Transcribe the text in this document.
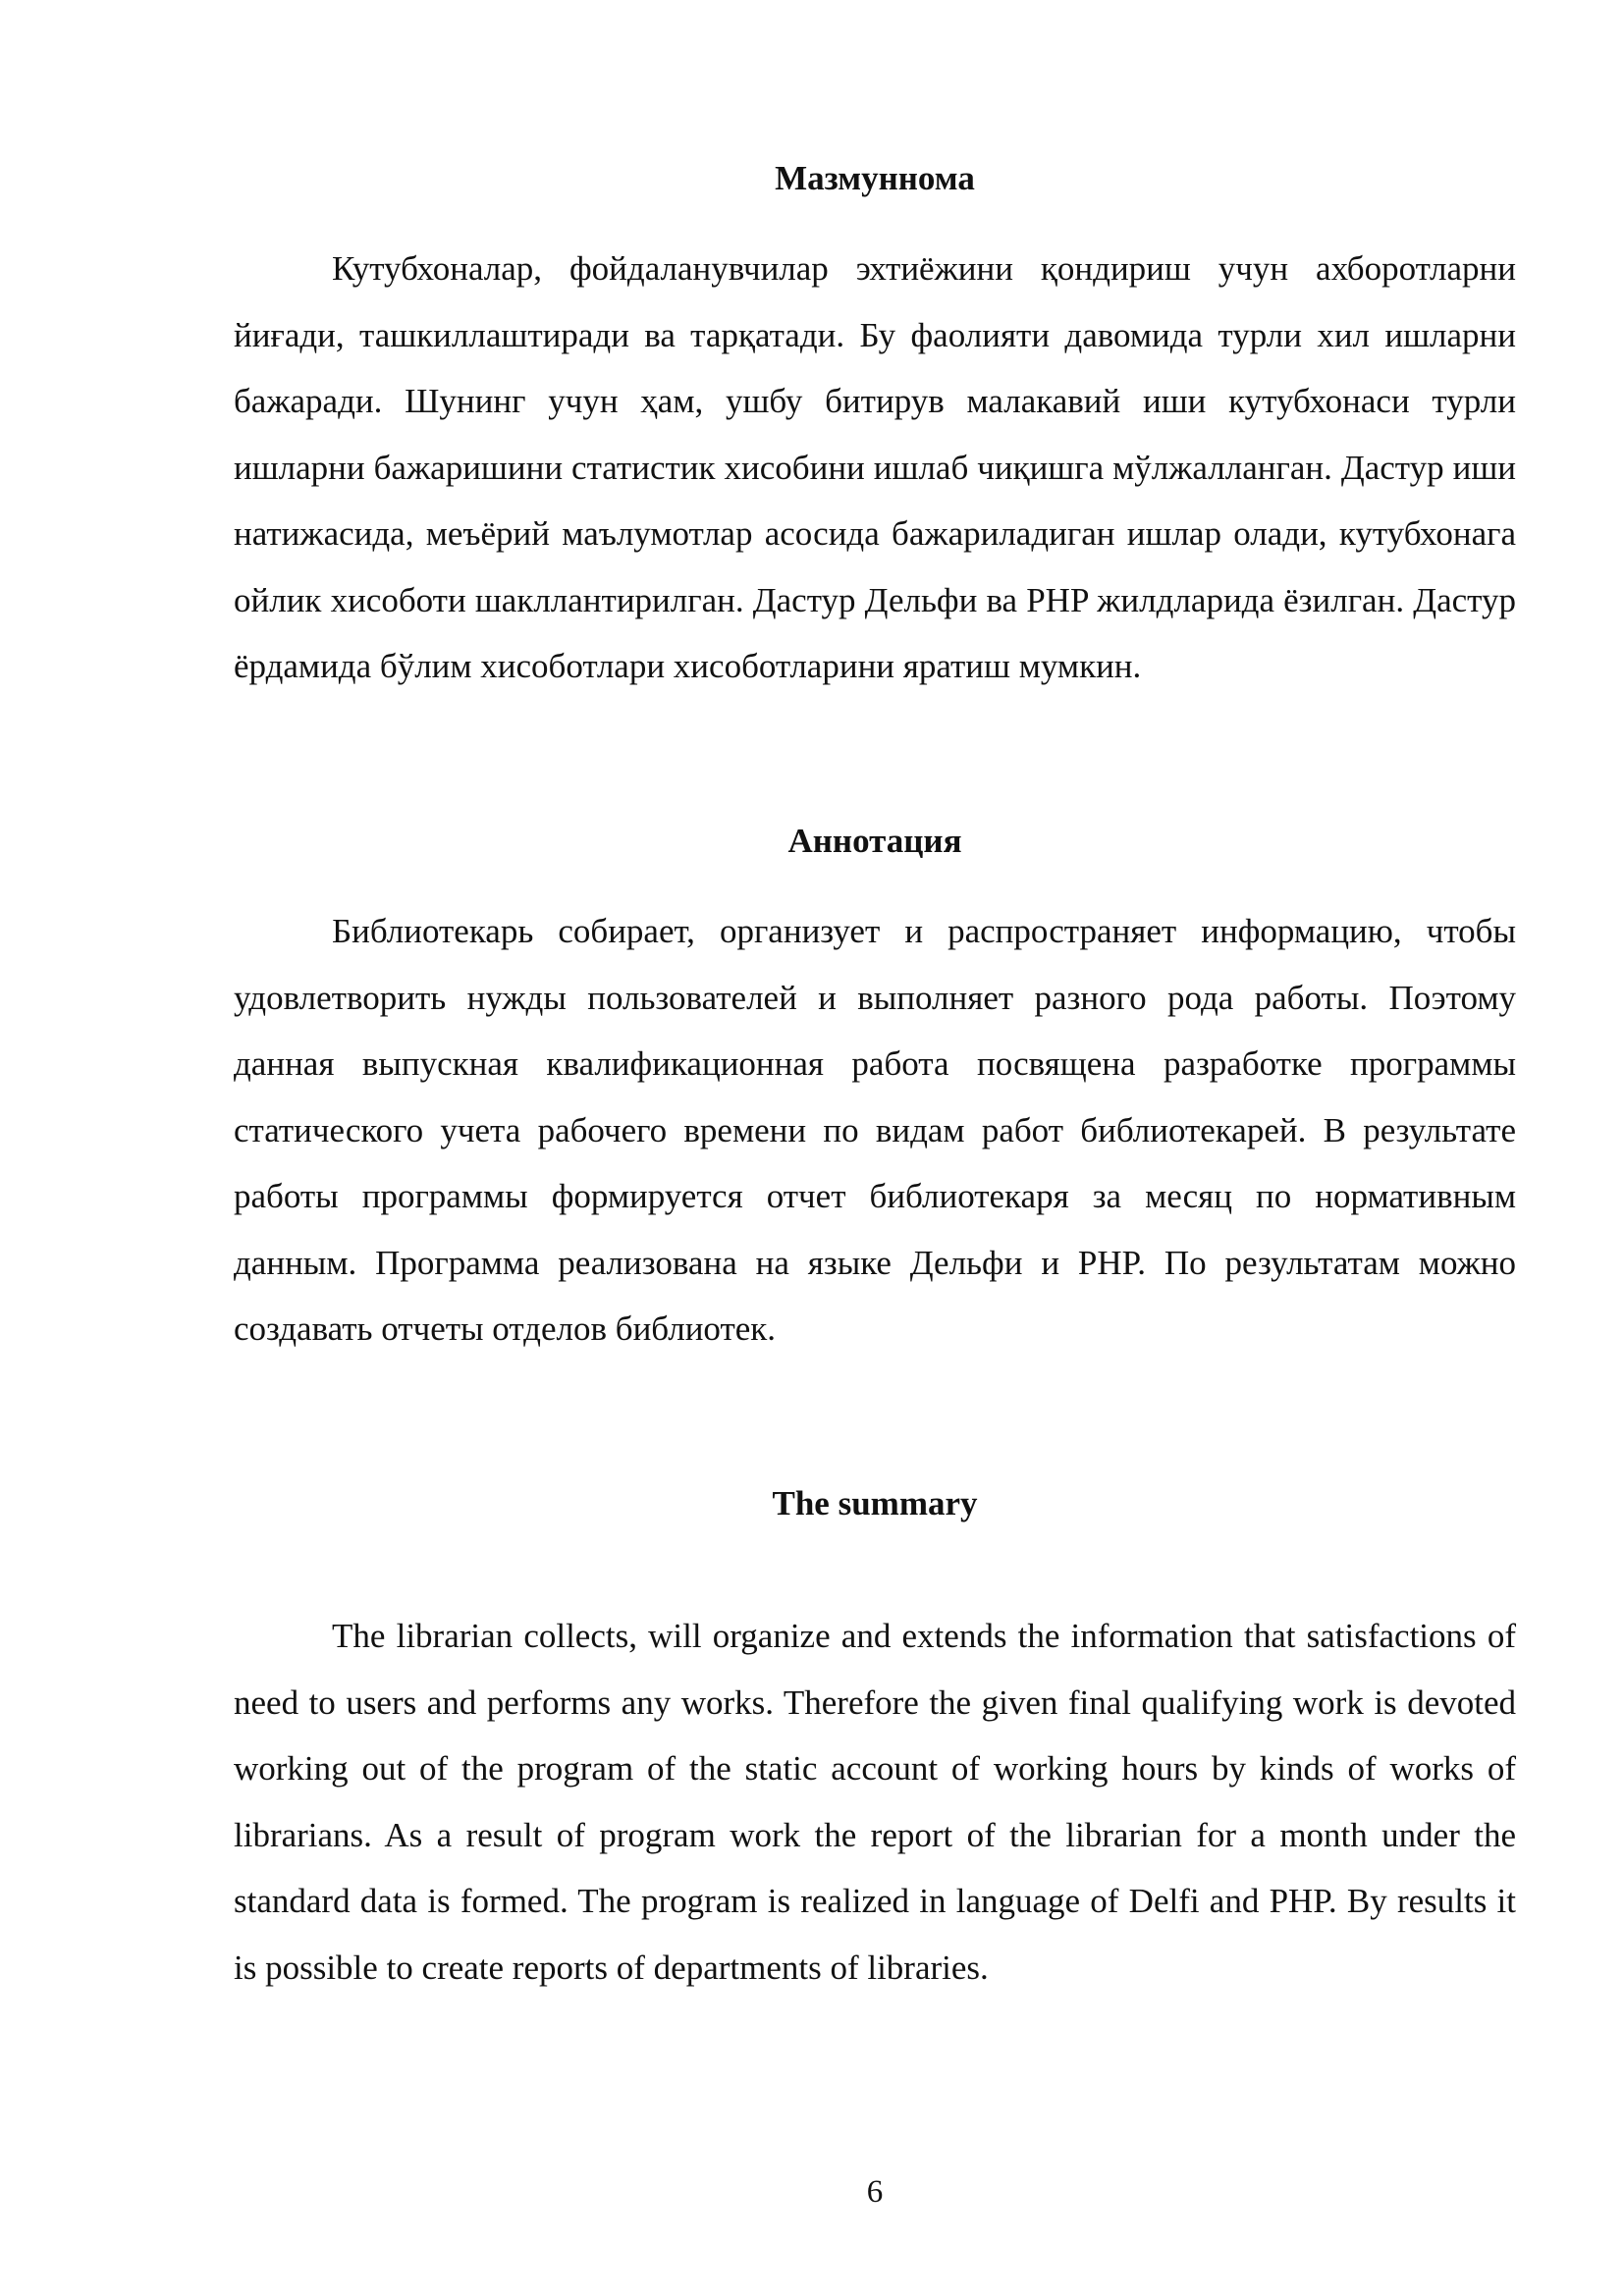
Мазмуннома

Кутубхоналар, фойдаланувчилар эхтиёжини қондириш учун ахборотларни йиғади, ташкиллаштиради ва тарқатади. Бу фаолияти давомида турли хил ишларни бажаради. Шунинг учун ҳам, ушбу битирув малакавий иши кутубхонаси турли ишларни бажаришини статистик хисобини ишлаб чиқишга мўлжалланган. Дастур иши натижасида, меъёрий маълумотлар асосида бажариладиган ишлар олади, кутубхонага ойлик хисоботи шакллантирилган. Дастур Дельфи ва PHP жилдларида ёзилган. Дастур ёрдамида бўлим хисоботлари хисоботларини яратиш мумкин.

Аннотация

Библиотекарь собирает, организует и распространяет информацию, чтобы удовлетворить нужды пользователей и выполняет разного рода работы. Поэтому данная выпускная квалификационная работа посвящена разработке программы статического учета рабочего времени по видам работ библиотекарей. В результате работы программы формируется отчет библиотекаря за месяц по нормативным данным. Программа реализована на языке Дельфи и PHP. По результатам можно создавать отчеты отделов библиотек.

The summary

The librarian collects, will organize and extends the information that satisfactions of need to users and performs any works. Therefore the given final qualifying work is devoted working out of the program of the static account of working hours by kinds of works of librarians. As a result of program work the report of the librarian for a month under the standard data is formed. The program is realized in language of Delfi and PHP. By results it is possible to create reports of departments of libraries.

6
